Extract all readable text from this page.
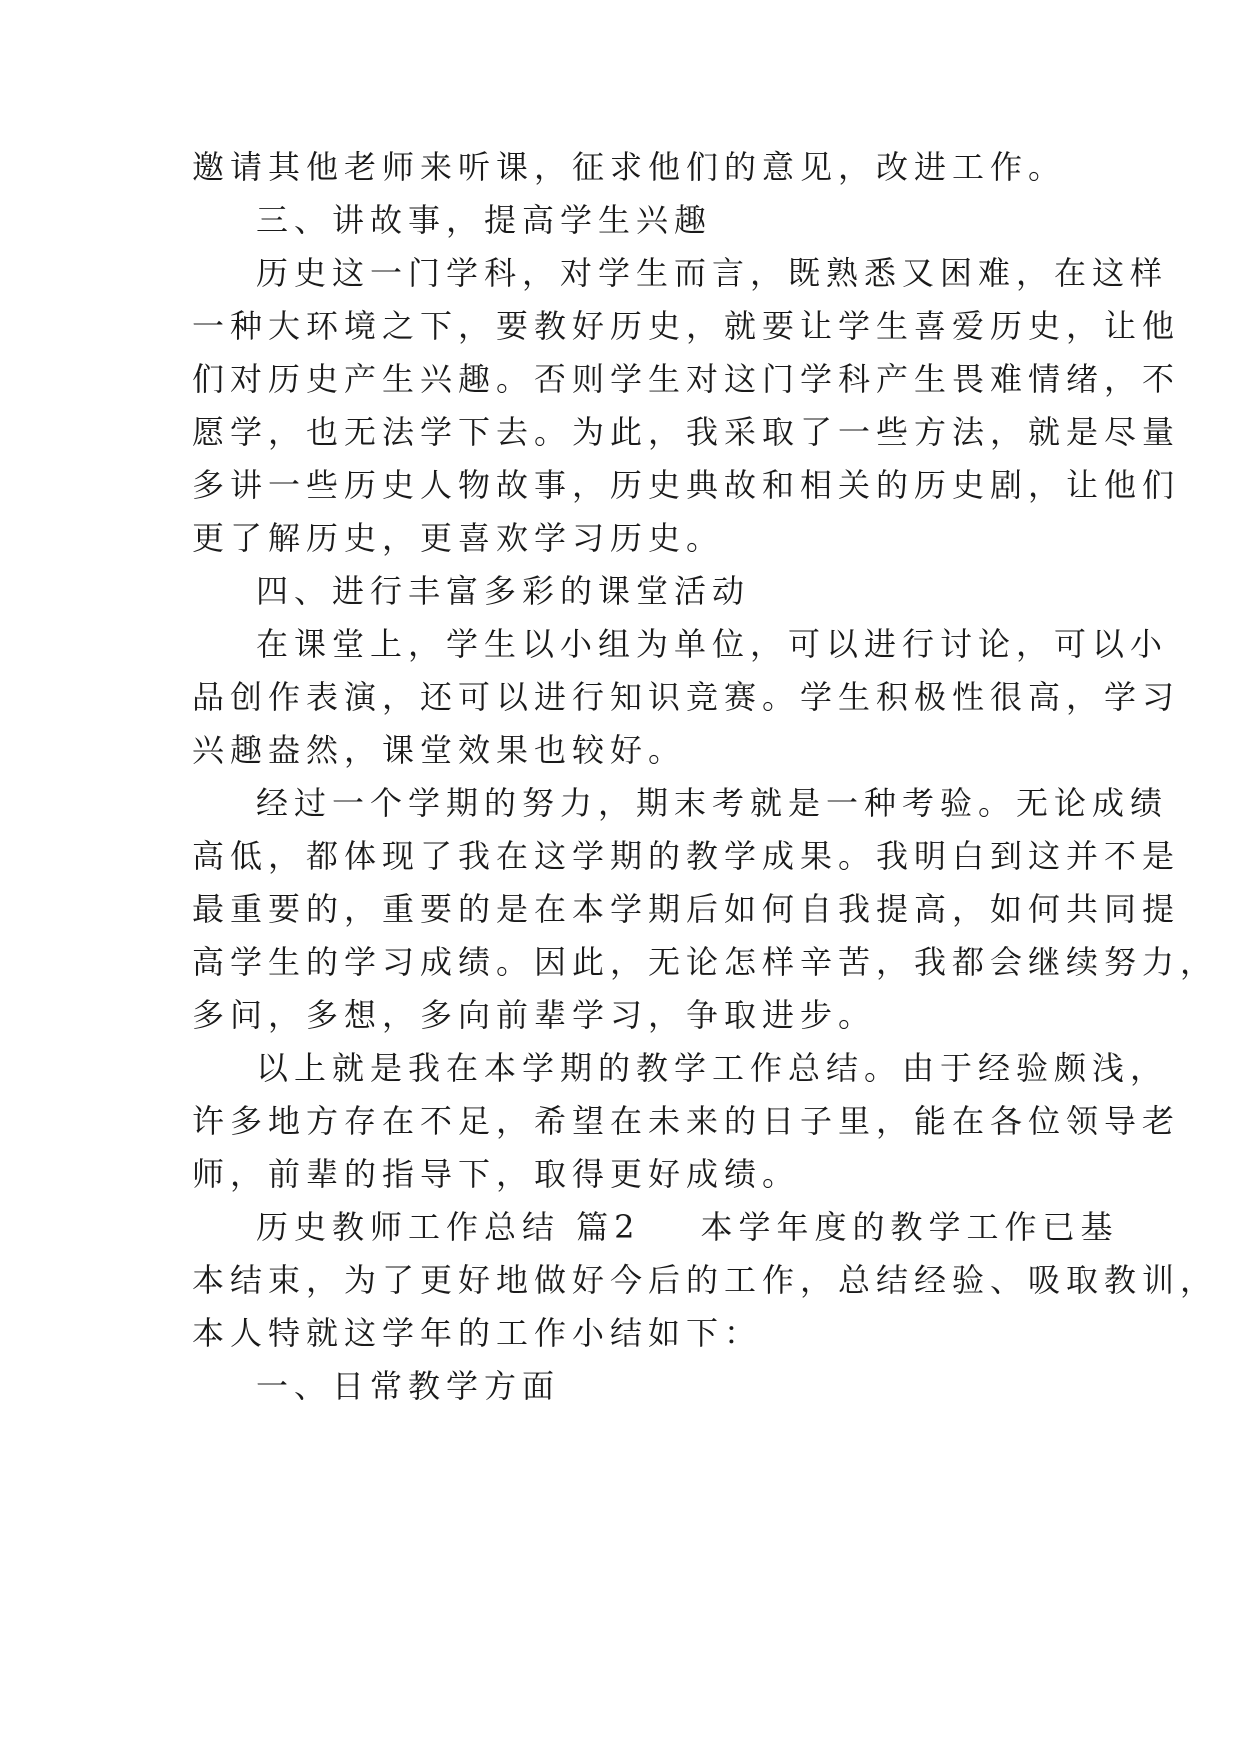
邀请其他老师来听课，征求他们的意见，改进工作。
三、讲故事，提高学生兴趣
历史这一门学科，对学生而言，既熟悉又困难，在这样
一种大环境之下，要教好历史，就要让学生喜爱历史，让他
们对历史产生兴趣。否则学生对这门学科产生畏难情绪，不
愿学，也无法学下去。为此，我采取了一些方法，就是尽量
多讲一些历史人物故事，历史典故和相关的历史剧，让他们
更了解历史，更喜欢学习历史。
四、进行丰富多彩的课堂活动
在课堂上，学生以小组为单位，可以进行讨论，可以小
品创作表演，还可以进行知识竞赛。学生积极性很高，学习
兴趣盎然，课堂效果也较好。
经过一个学期的努力，期末考就是一种考验。无论成绩
高低，都体现了我在这学期的教学成果。我明白到这并不是
最重要的，重要的是在本学期后如何自我提高，如何共同提
高学生的学习成绩。因此，无论怎样辛苦，我都会继续努力，
多问，多想，多向前辈学习，争取进步。
以上就是我在本学期的教学工作总结。由于经验颇浅，
许多地方存在不足，希望在未来的日子里，能在各位领导老
师，前辈的指导下，取得更好成绩。
历史教师工作总结 篇2 本学年度的教学工作已基
本结束，为了更好地做好今后的工作，总结经验、吸取教训，
本人特就这学年的工作小结如下：
一、日常教学方面
